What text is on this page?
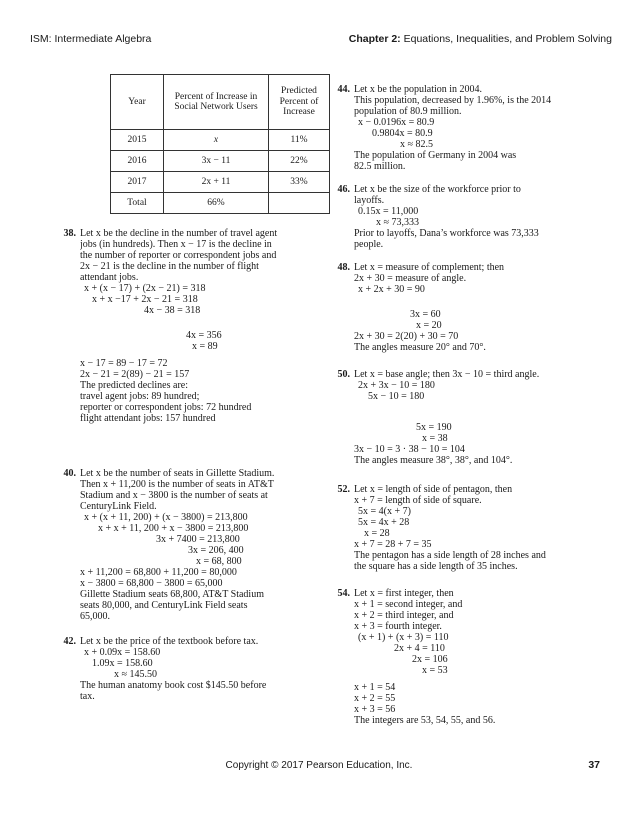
ISM: Intermediate Algebra	Chapter 2: Equations, Inequalities, and Problem Solving
Year	Percent of Increase in Social Network Users	Predicted Percent of Increase
2015	x	11%
2016	3x − 11	22%
2017	2x + 11	33%
Total	66%	
38. Let x be the decline in the number of travel agent
jobs (in hundreds). Then x − 17 is the decline in
the number of reporter or correspondent jobs and
2x − 21 is the decline in the number of flight
attendant jobs.
x + (x − 17) + (2x − 21) = 318
x + x −17 + 2x − 21 = 318
4x − 38 = 318
4x = 356
x = 89
x − 17 = 89 − 17 = 72
2x − 21 = 2(89) − 21 = 157
The predicted declines are:
travel agent jobs: 89 hundred;
reporter or correspondent jobs: 72 hundred
flight attendant jobs: 157 hundred
40. Let x be the number of seats in Gillette Stadium.
Then x + 11,200 is the number of seats in AT&T
Stadium and x − 3800 is the number of seats at
CenturyLink Field.
x + (x + 11, 200) + (x − 3800) = 213,800
x + x + 11, 200 + x − 3800 = 213,800
3x + 7400 = 213,800
3x = 206, 400
x = 68, 800
x + 11,200 = 68,800 + 11,200 = 80,000
x − 3800 = 68,800 − 3800 = 65,000
Gillette Stadium seats 68,800, AT&T Stadium
seats 80,000, and CenturyLink Field seats
65,000.
42. Let x be the price of the textbook before tax.
x + 0.09x = 158.60
1.09x = 158.60
x ≈ 145.50
The human anatomy book cost $145.50 before
tax.
44. Let x be the population in 2004.
This population, decreased by 1.96%, is the 2014
population of 80.9 million.
x − 0.0196x = 80.9
0.9804x = 80.9
x ≈ 82.5
The population of Germany in 2004 was
82.5 million.
46. Let x be the size of the workforce prior to
layoffs.
0.15x = 11,000
x ≈ 73,333
Prior to layoffs, Dana’s workforce was 73,333
people.
48. Let x = measure of complement; then
2x + 30 = measure of angle.
x + 2x + 30 = 90
3x = 60
x = 20
2x + 30 = 2(20) + 30 = 70
The angles measure 20° and 70°.
50. Let x = base angle; then 3x − 10 = third angle.
2x + 3x − 10 = 180
5x − 10 = 180
5x = 190
x = 38
3x − 10 = 3 · 38 − 10 = 104
The angles measure 38°, 38°, and 104°.
52. Let x = length of side of pentagon, then
x + 7 = length of side of square.
5x = 4(x + 7)
5x = 4x + 28
x = 28
x + 7 = 28 + 7 = 35
The pentagon has a side length of 28 inches and
the square has a side length of 35 inches.
54. Let x = first integer, then
x + 1 = second integer, and
x + 2 = third integer, and
x + 3 = fourth integer.
(x + 1) + (x + 3) = 110
2x + 4 = 110
2x = 106
x = 53
x + 1 = 54
x + 2 = 55
x + 3 = 56
The integers are 53, 54, 55, and 56.
Copyright © 2017 Pearson Education, Inc.	37
